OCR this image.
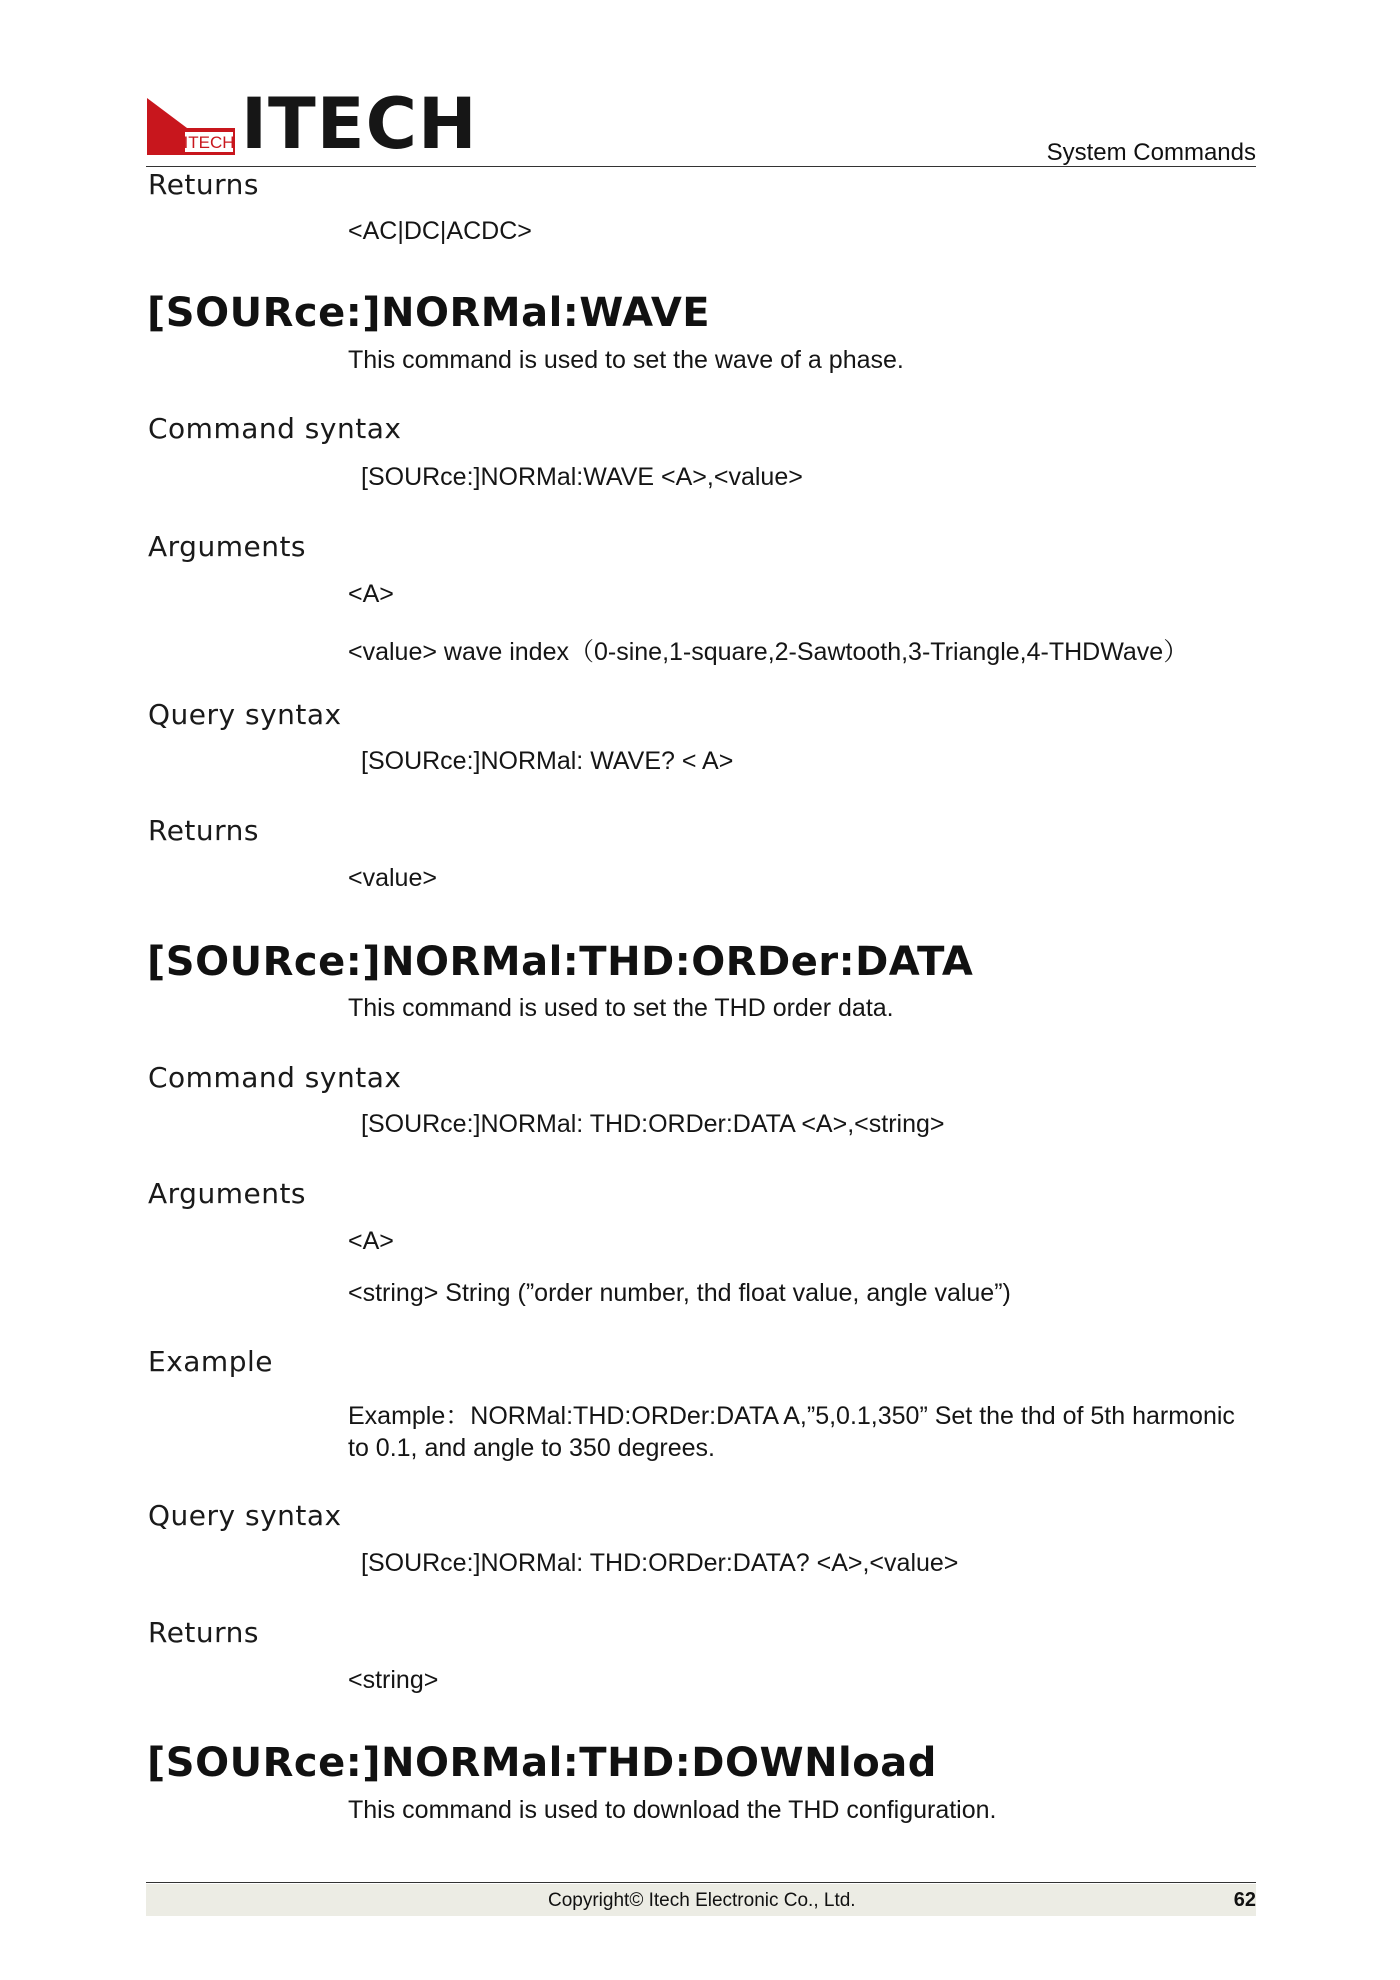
ITECH ITECH	System Commands
Returns
<AC|DC|ACDC>
[SOURce:]NORMal:WAVE
This command is used to set the wave of a phase.
Command syntax
[SOURce:]NORMal:WAVE <A>,<value>
Arguments
<A>
<value> wave index（0-sine,1-square,2-Sawtooth,3-Triangle,4-THDWave）
Query syntax
[SOURce:]NORMal: WAVE? < A>
Returns
<value>
[SOURce:]NORMal:THD:ORDer:DATA
This command is used to set the THD order data.
Command syntax
[SOURce:]NORMal: THD:ORDer:DATA <A>,<string>
Arguments
<A>
<string> String (”order number, thd float value, angle value”)
Example
Example：NORMal:THD:ORDer:DATA A,”5,0.1,350” Set the thd of 5th harmonic
to 0.1, and angle to 350 degrees.
Query syntax
[SOURce:]NORMal: THD:ORDer:DATA? <A>,<value>
Returns
<string>
[SOURce:]NORMal:THD:DOWNload
This command is used to download the THD configuration.
Copyright© Itech Electronic Co., Ltd.	62
